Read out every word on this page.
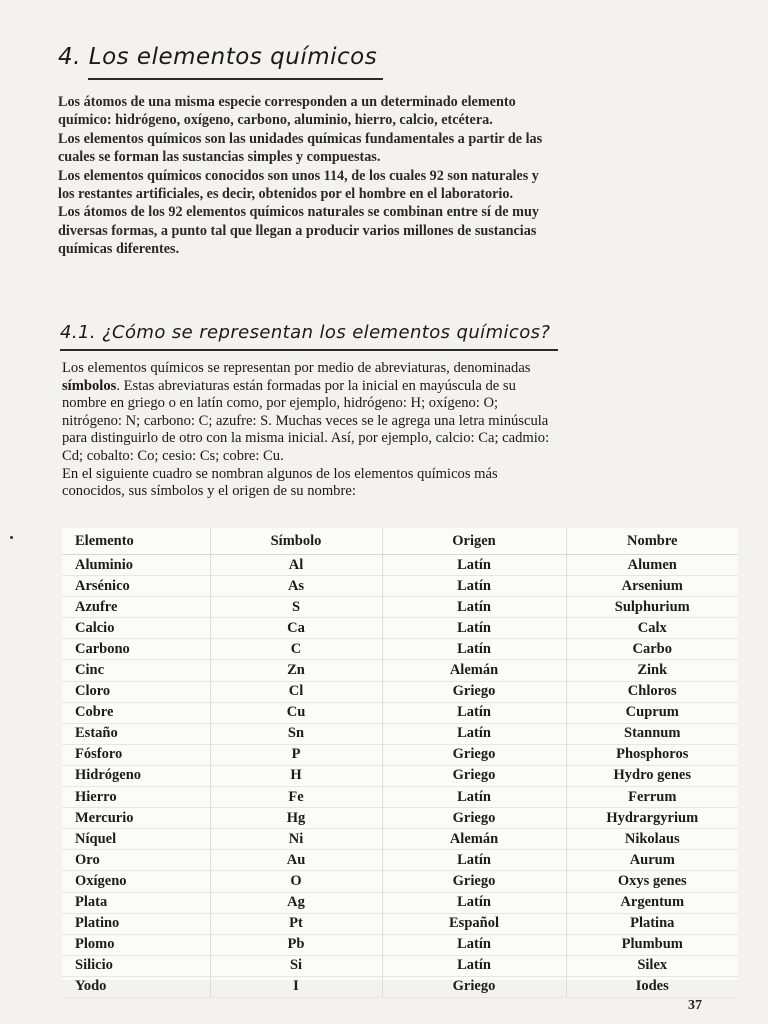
4. Los elementos químicos

Los átomos de una misma especie corresponden a un determinado elemento químico: hidrógeno, oxígeno, carbono, aluminio, hierro, calcio, etcétera.

Los elementos químicos son las unidades químicas fundamentales a partir de las cuales se forman las sustancias simples y compuestas.

Los elementos químicos conocidos son unos 114, de los cuales 92 son naturales y los restantes artificiales, es decir, obtenidos por el hombre en el laboratorio.

Los átomos de los 92 elementos químicos naturales se combinan entre sí de muy diversas formas, a punto tal que llegan a producir varios millones de sustancias químicas diferentes.

4.1. ¿Cómo se representan los elementos químicos?

Los elementos químicos se representan por medio de abreviaturas, denominadas símbolos. Estas abreviaturas están formadas por la inicial en mayúscula de su nombre en griego o en latín como, por ejemplo, hidrógeno: H; oxígeno: O; nitrógeno: N; carbono: C; azufre: S. Muchas veces se le agrega una letra minúscula para distinguirlo de otro con la misma inicial. Así, por ejemplo, calcio: Ca; cadmio: Cd; cobalto: Co; cesio: Cs; cobre: Cu.

En el siguiente cuadro se nombran algunos de los elementos químicos más conocidos, sus símbolos y el origen de su nombre:

Elemento	Símbolo	Origen	Nombre
Aluminio	Al	Latín	Alumen
Arsénico	As	Latín	Arsenium
Azufre	S	Latín	Sulphurium
Calcio	Ca	Latín	Calx
Carbono	C	Latín	Carbo
Cinc	Zn	Alemán	Zink
Cloro	Cl	Griego	Chloros
Cobre	Cu	Latín	Cuprum
Estaño	Sn	Latín	Stannum
Fósforo	P	Griego	Phosphoros
Hidrógeno	H	Griego	Hydro genes
Hierro	Fe	Latín	Ferrum
Mercurio	Hg	Griego	Hydrargyrium
Níquel	Ni	Alemán	Nikolaus
Oro	Au	Latín	Aurum
Oxígeno	O	Griego	Oxys genes
Plata	Ag	Latín	Argentum
Platino	Pt	Español	Platina
Plomo	Pb	Latín	Plumbum
Silicio	Si	Latín	Silex
Yodo	I	Griego	Iodes
37
